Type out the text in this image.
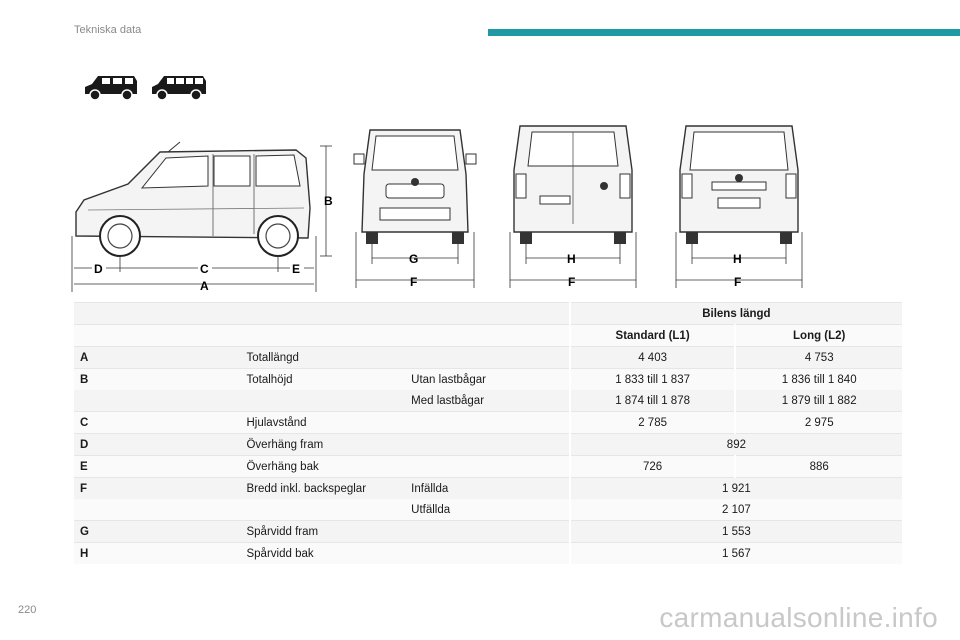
Tekniska data
B
D	C	E
A
G
F
H
F
H
F
			Bilens längd	
			Standard (L1)	Long (L2)
A	Totallängd		4 403	4 753
B	Totalhöjd	Utan lastbågar	1 833 till 1 837	1 836 till 1 840
		Med lastbågar	1 874 till 1 878	1 879 till 1 882
C	Hjulavstånd		2 785	2 975
D	Överhäng fram		892	
E	Överhäng bak		726	886
F	Bredd inkl. backspeglar	Infällda	1 921	
		Utfällda	2 107	
G	Spårvidd fram		1 553	
H	Spårvidd bak		1 567	
220	carmanualsonline.info
